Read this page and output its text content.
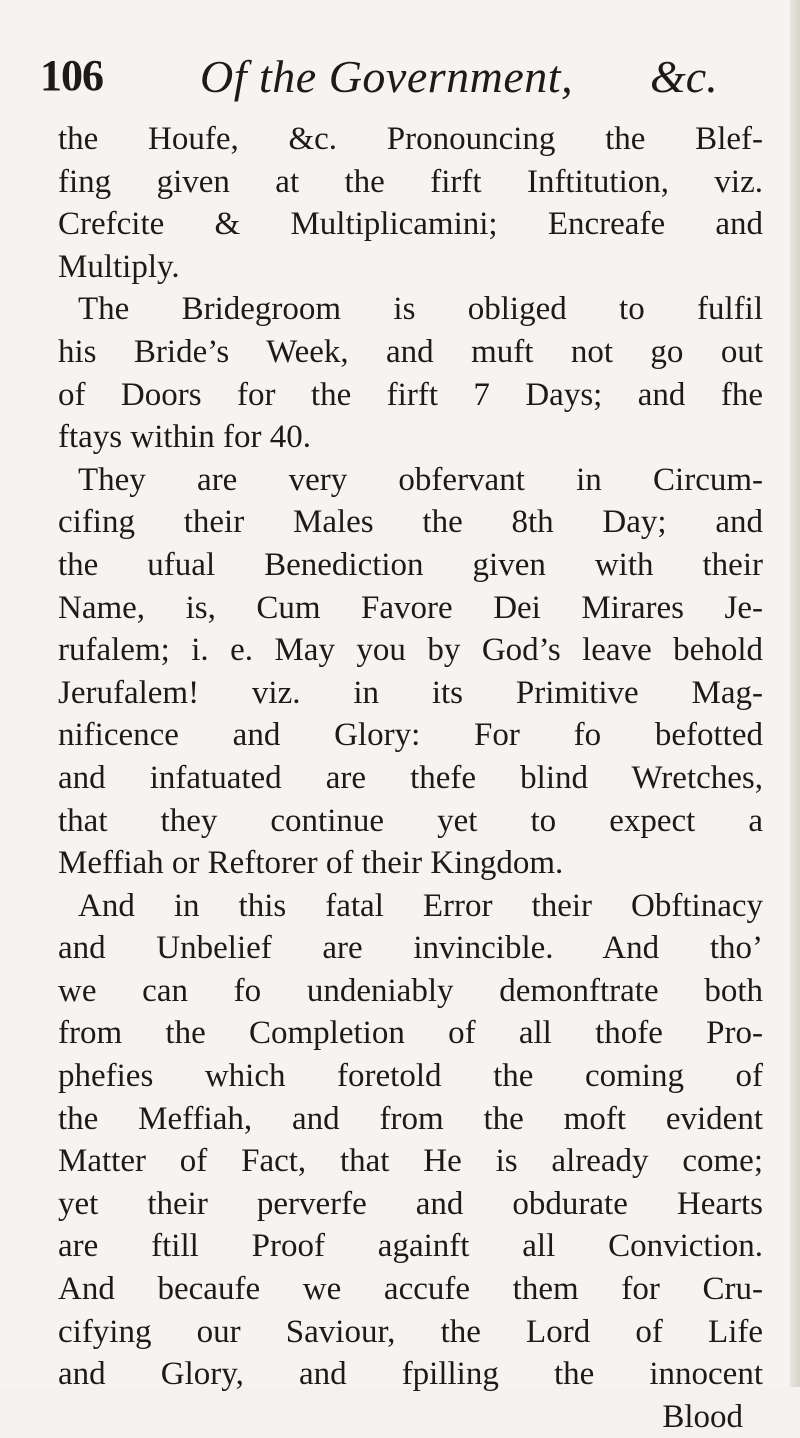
106 Of the Government, &c.
the Houfe, &c. Pronouncing the Blef-
fing given at the firft Inftitution, viz.
Crefcite & Multiplicamini; Encreafe and
Multiply.
The Bridegroom is obliged to fulfil
his Bride’s Week, and muft not go out
of Doors for the firft 7 Days; and fhe
ftays within for 40.
They are very obfervant in Circum-
cifing their Males the 8th Day; and
the ufual Benediction given with their
Name, is, Cum Favore Dei Mirares Je-
rufalem; i. e. May you by God’s leave behold
Jerufalem! viz. in its Primitive Mag-
nificence and Glory: For fo befotted
and infatuated are thefe blind Wretches,
that they continue yet to expect a
Meffiah or Reftorer of their Kingdom.
And in this fatal Error their Obftinacy
and Unbelief are invincible. And tho’
we can fo undeniably demonftrate both
from the Completion of all thofe Pro-
phefies which foretold the coming of
the Meffiah, and from the moft evident
Matter of Fact, that He is already come;
yet their perverfe and obdurate Hearts
are ftill Proof againft all Conviction.
And becaufe we accufe them for Cru-
cifying our Saviour, the Lord of Life
and Glory, and fpilling the innocent
Blood
